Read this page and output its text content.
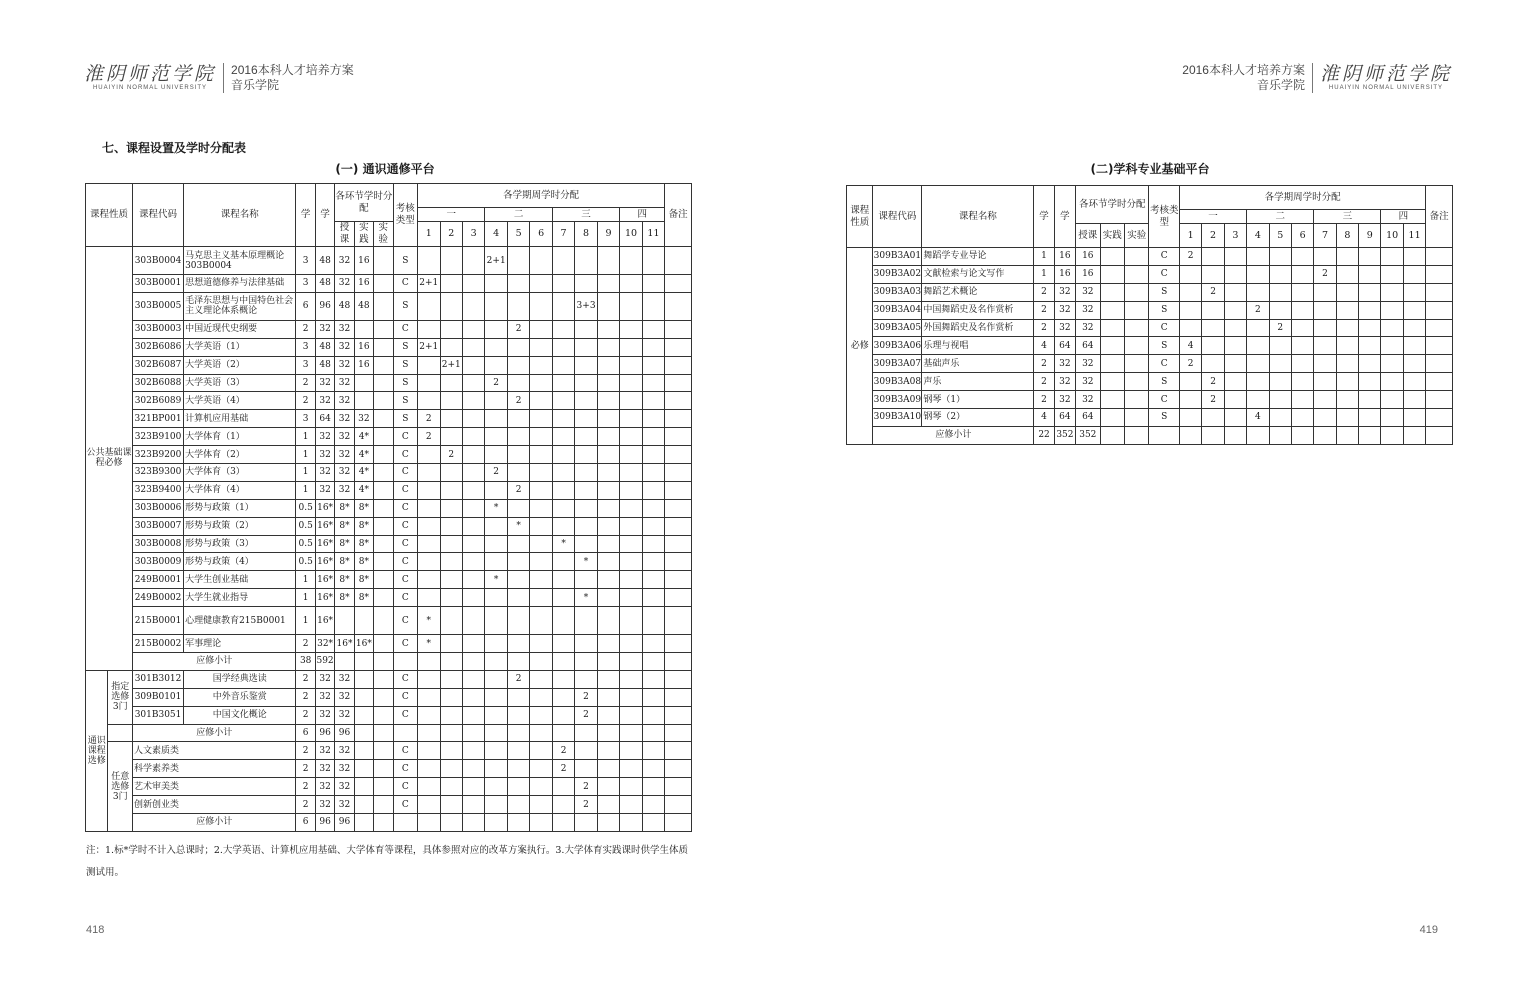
淮阴师范学院
HUAIYIN NORMAL UNIVERSITY
2016本科人才培养方案
音乐学院
2016本科人才培养方案
音乐学院 淮阴师范学院
HUAIYIN NORMAL UNIVERSITY
七、课程设置及学时分配表
(一) 通识通修平台	(二)学科专业基础平台
课程性质		课程代码	课程名称	学	学	各环节学时分配			考核类型	各学期周学时分配											备注
										一			二			三			四		
						授课	实践	实验		1	2	3	4	5	6	7	8	9	10	11	
公共基础课程必修		303B0004	马克思主义基本原理概论303B0004	3	48	32	16		S				2+1								
		303B0001	思想道德修养与法律基础	3	48	32	16		C	2+1											
		303B0005	毛泽东思想与中国特色社会主义理论体系概论	6	96	48	48		S								3+3				
		303B0003	中国近现代史纲要	2	32	32			C					2							
		302B6086	大学英语（1）	3	48	32	16		S	2+1											
		302B6087	大学英语（2）	3	48	32	16		S		2+1										
		302B6088	大学英语（3）	2	32	32			S				2								
		302B6089	大学英语（4）	2	32	32			S					2							
		321BP001	计算机应用基础	3	64	32	32		S	2											
		323B9100	大学体育（1）	1	32	32	4*		C	2											
		323B9200	大学体育（2）	1	32	32	4*		C		2										
		323B9300	大学体育（3）	1	32	32	4*		C				2								
		323B9400	大学体育（4）	1	32	32	4*		C					2							
		303B0006	形势与政策（1）	0.5	16*	8*	8*		C				*								
		303B0007	形势与政策（2）	0.5	16*	8*	8*		C					*							
		303B0008	形势与政策（3）	0.5	16*	8*	8*		C							*					
		303B0009	形势与政策（4）	0.5	16*	8*	8*		C								*				
		249B0001	大学生创业基础	1	16*	8*	8*		C				*								
		249B0002	大学生就业指导	1	16*	8*	8*		C								*				
		215B0001	心理健康教育215B0001	1	16*				C	*											
		215B0002	军事理论	2	32*	16*	16*		C	*											
		应修小计		38	592																
通识课程选修	指定选修3门	301B3012	国学经典选读	2	32	32			C					2							
		309B0101	中外音乐鉴赏	2	32	32			C								2				
		301B3051	中国文化概论	2	32	32			C								2				
		应修小计		6	96	96															
	任意选修3门	人文素质类		2	32	32			C							2					
		科学素养类		2	32	32			C							2					
		艺术审美类		2	32	32			C								2				
		创新创业类		2	32	32			C								2				
		应修小计		6	96	96															
注：1.标*学时不计入总课时；2.大学英语、计算机应用基础、大学体育等课程，具体参照对应的改革方案执行。3.大学体育实践课时供学生体质测试用。
课程性质	课程代码	课程名称	学	学	各环节学时分配			考核类型	各学期周学时分配											备注
									一			二			三			四		
					授课	实践	实验		1	2	3	4	5	6	7	8	9	10	11	
必修	309B3A01	舞蹈学专业导论	1	16	16			C	2											
	309B3A02	文献检索与论文写作	1	16	16			C							2					
	309B3A03	舞蹈艺术概论	2	32	32			S		2										
	309B3A04	中国舞蹈史及名作赏析	2	32	32			S				2								
	309B3A05	外国舞蹈史及名作赏析	2	32	32			C					2							
	309B3A06	乐理与视唱	4	64	64			S	4											
	309B3A07	基础声乐	2	32	32			C	2											
	309B3A08	声乐	2	32	32			S		2										
	309B3A09	钢琴（1）	2	32	32			C		2										
	309B3A10	钢琴（2）	4	64	64			S				4								
	应修小计		22	352	352															
418	419
